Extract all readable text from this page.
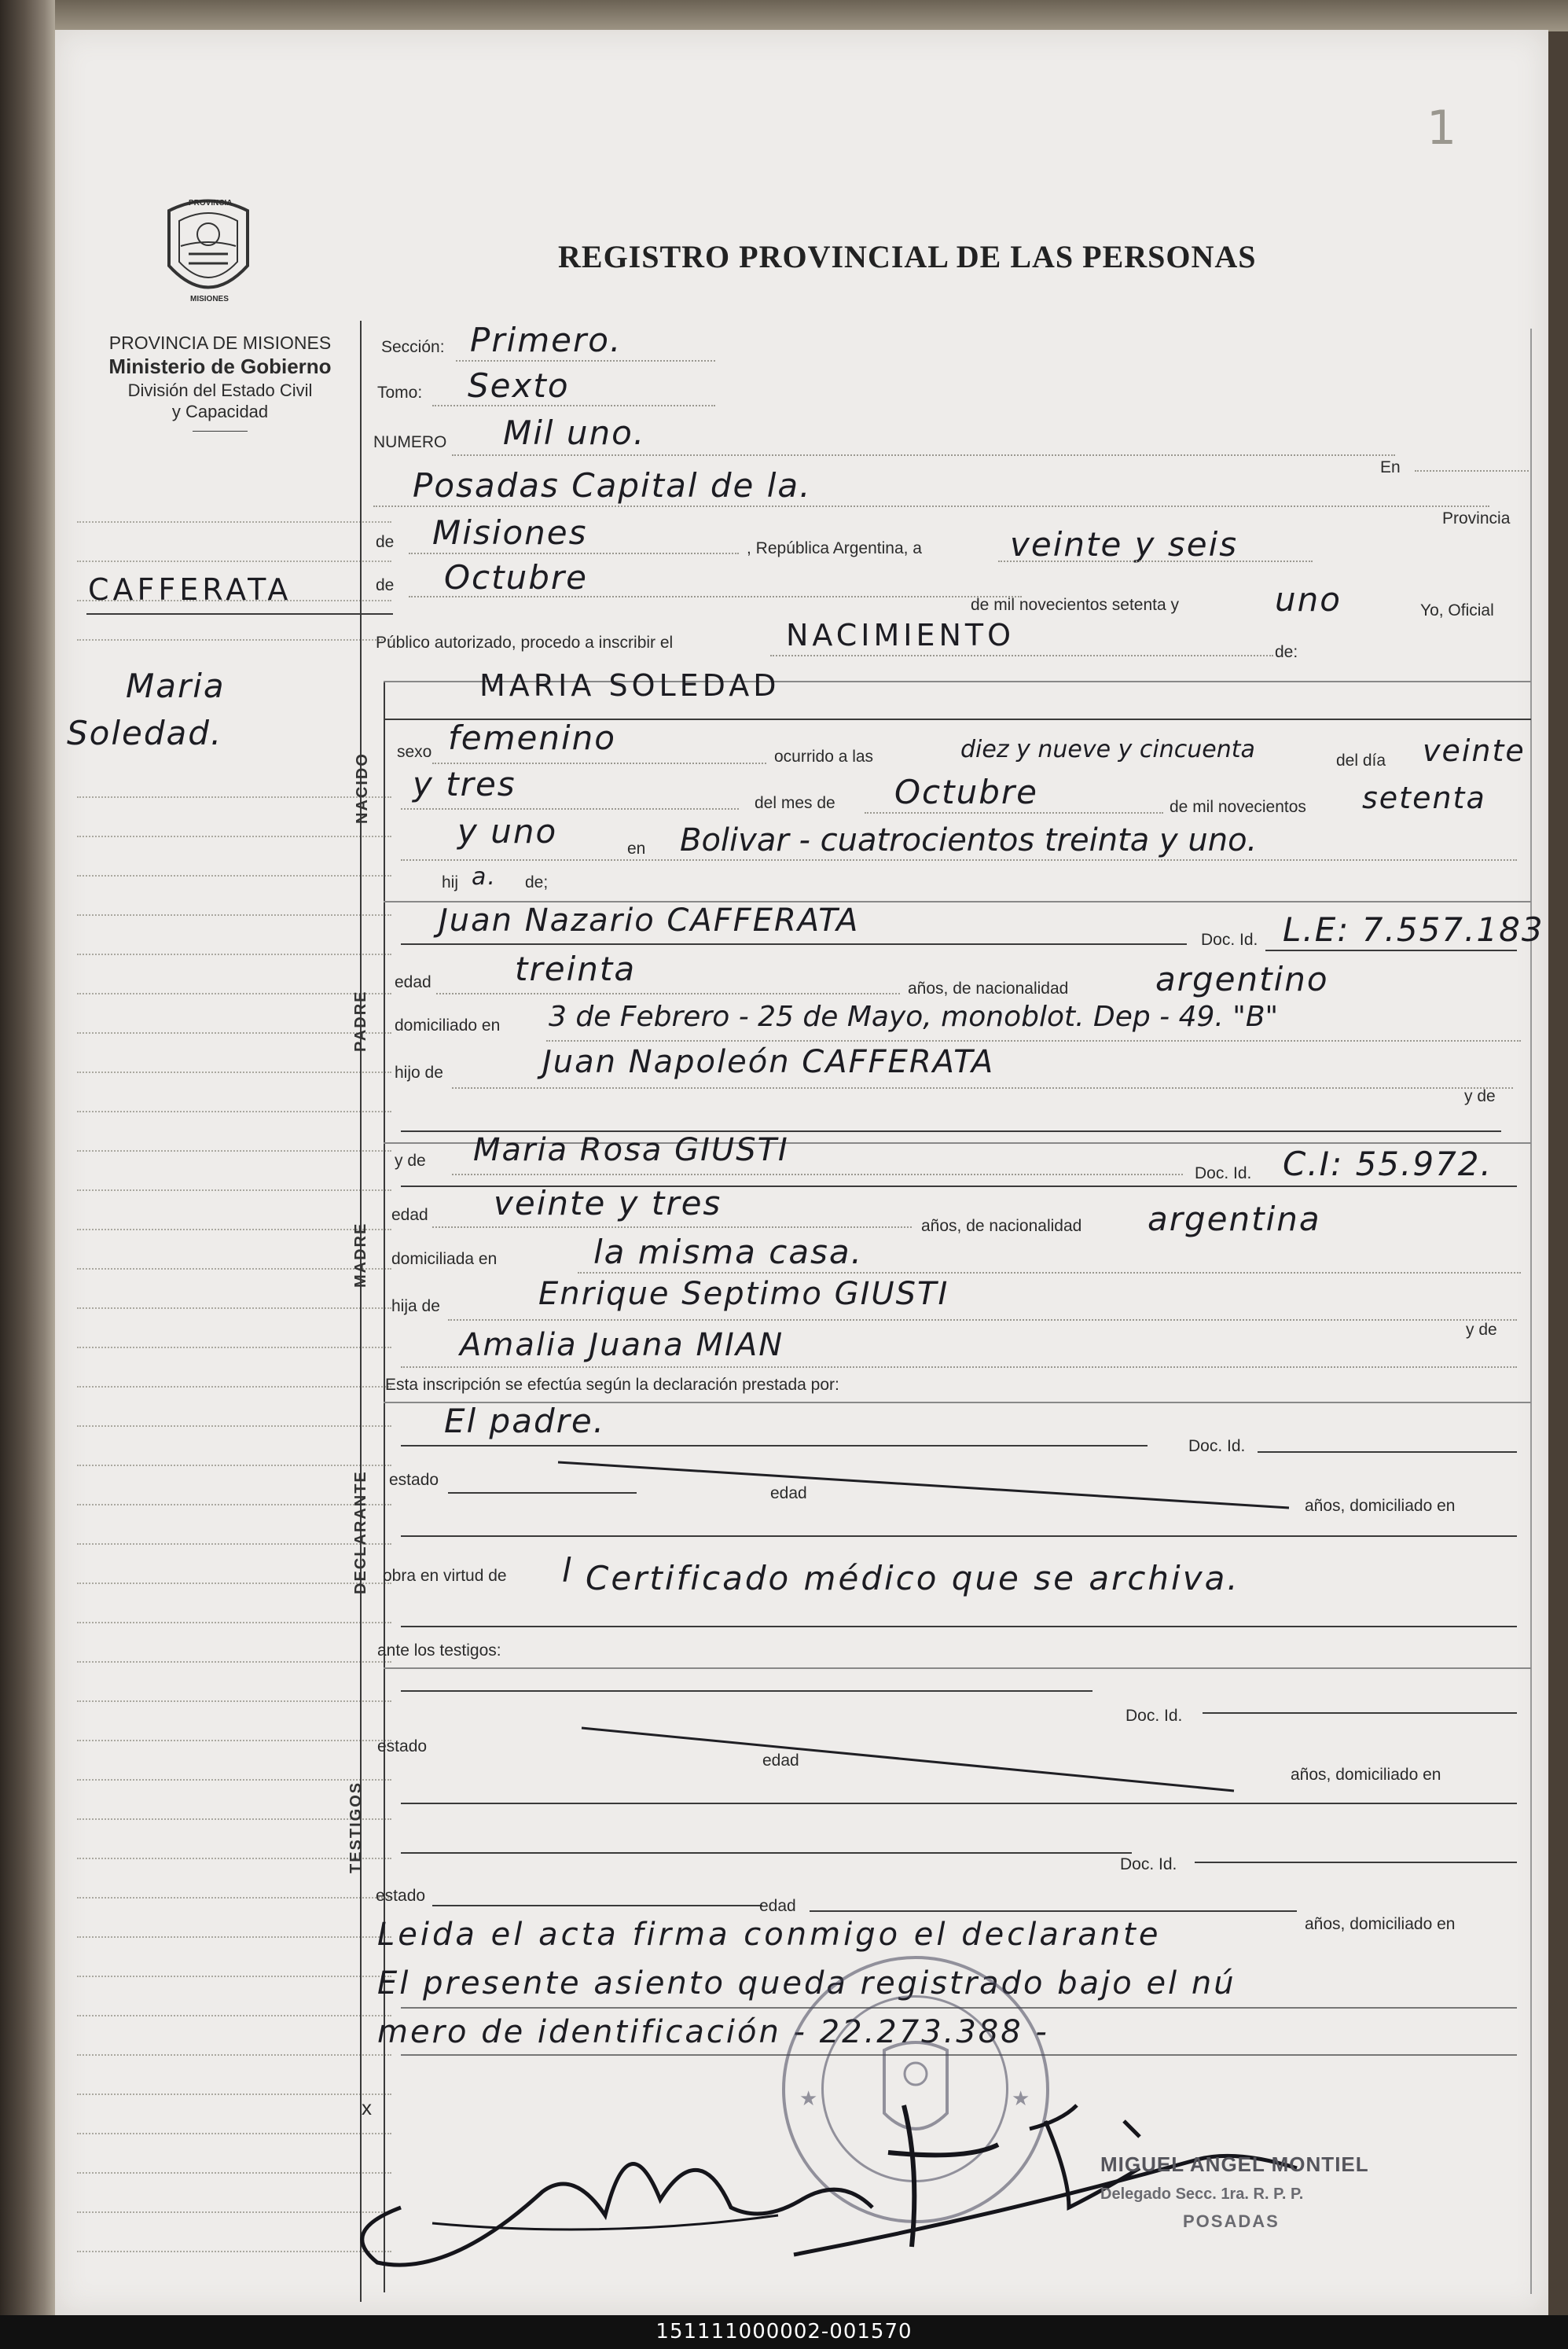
1
PROVINCIA
MISIONES
PROVINCIA DE MISIONES
Ministerio de Gobierno
División del Estado Civil
y Capacidad
REGISTRO PROVINCIAL DE LAS PERSONAS
CAFFERATA
Maria
Soledad.
Sección: Primero.
Tomo: Sexto
NUMERO Mil uno.
En
Posadas Capital de la.
Provincia
de Misiones	, República Argentina, a	veinte y seis
de Octubre
de mil novecientos setenta y	uno	Yo, Oficial
Público autorizado, procedo a inscribir el	NACIMIENTO	de:
NACIDO
MARIA SOLEDAD
sexo femenino	ocurrido a las	diez y nueve y cincuenta	del día veinte
y tres	del mes de Octubre	de mil novecientos setenta
y uno	en Bolivar - cuatrocientos treinta y uno.
hij a. de;
PADRE
Juan Nazario CAFFERATA
Doc. Id. L.E: 7.557.183
edad	treinta
años, de nacionalidad	argentino
domiciliado en 3 de Febrero - 25 de Mayo, monoblot. Dep - 49. "B"
hijo de	Juan Napoleón CAFFERATA
y de
MADRE
y de Maria Rosa GIUSTI
Doc. Id. C.I: 55.972.
edad veinte y tres
años, de nacionalidad argentina
domiciliada en	la misma casa.
hija de	Enrique Septimo GIUSTI
y de
Amalia Juana MIAN
Esta inscripción se efectúa según la declaración prestada por:
DECLARANTE
El padre.
Doc. Id.
estado
edad
años, domiciliado en
obra en virtud de l Certificado médico que se archiva.
ante los testigos:
TESTIGOS
Doc. Id.
estado
edad
años, domiciliado en
Doc. Id.
estado
edad
años, domiciliado en
Leida el acta firma conmigo el declarante
El presente asiento queda registrado bajo el nú
mero de identificación - 22.273.388 -
★	★
x
MIGUEL ANGEL MONTIEL
Delegado Secc. 1ra. R. P. P.
POSADAS
151111000002-001570
